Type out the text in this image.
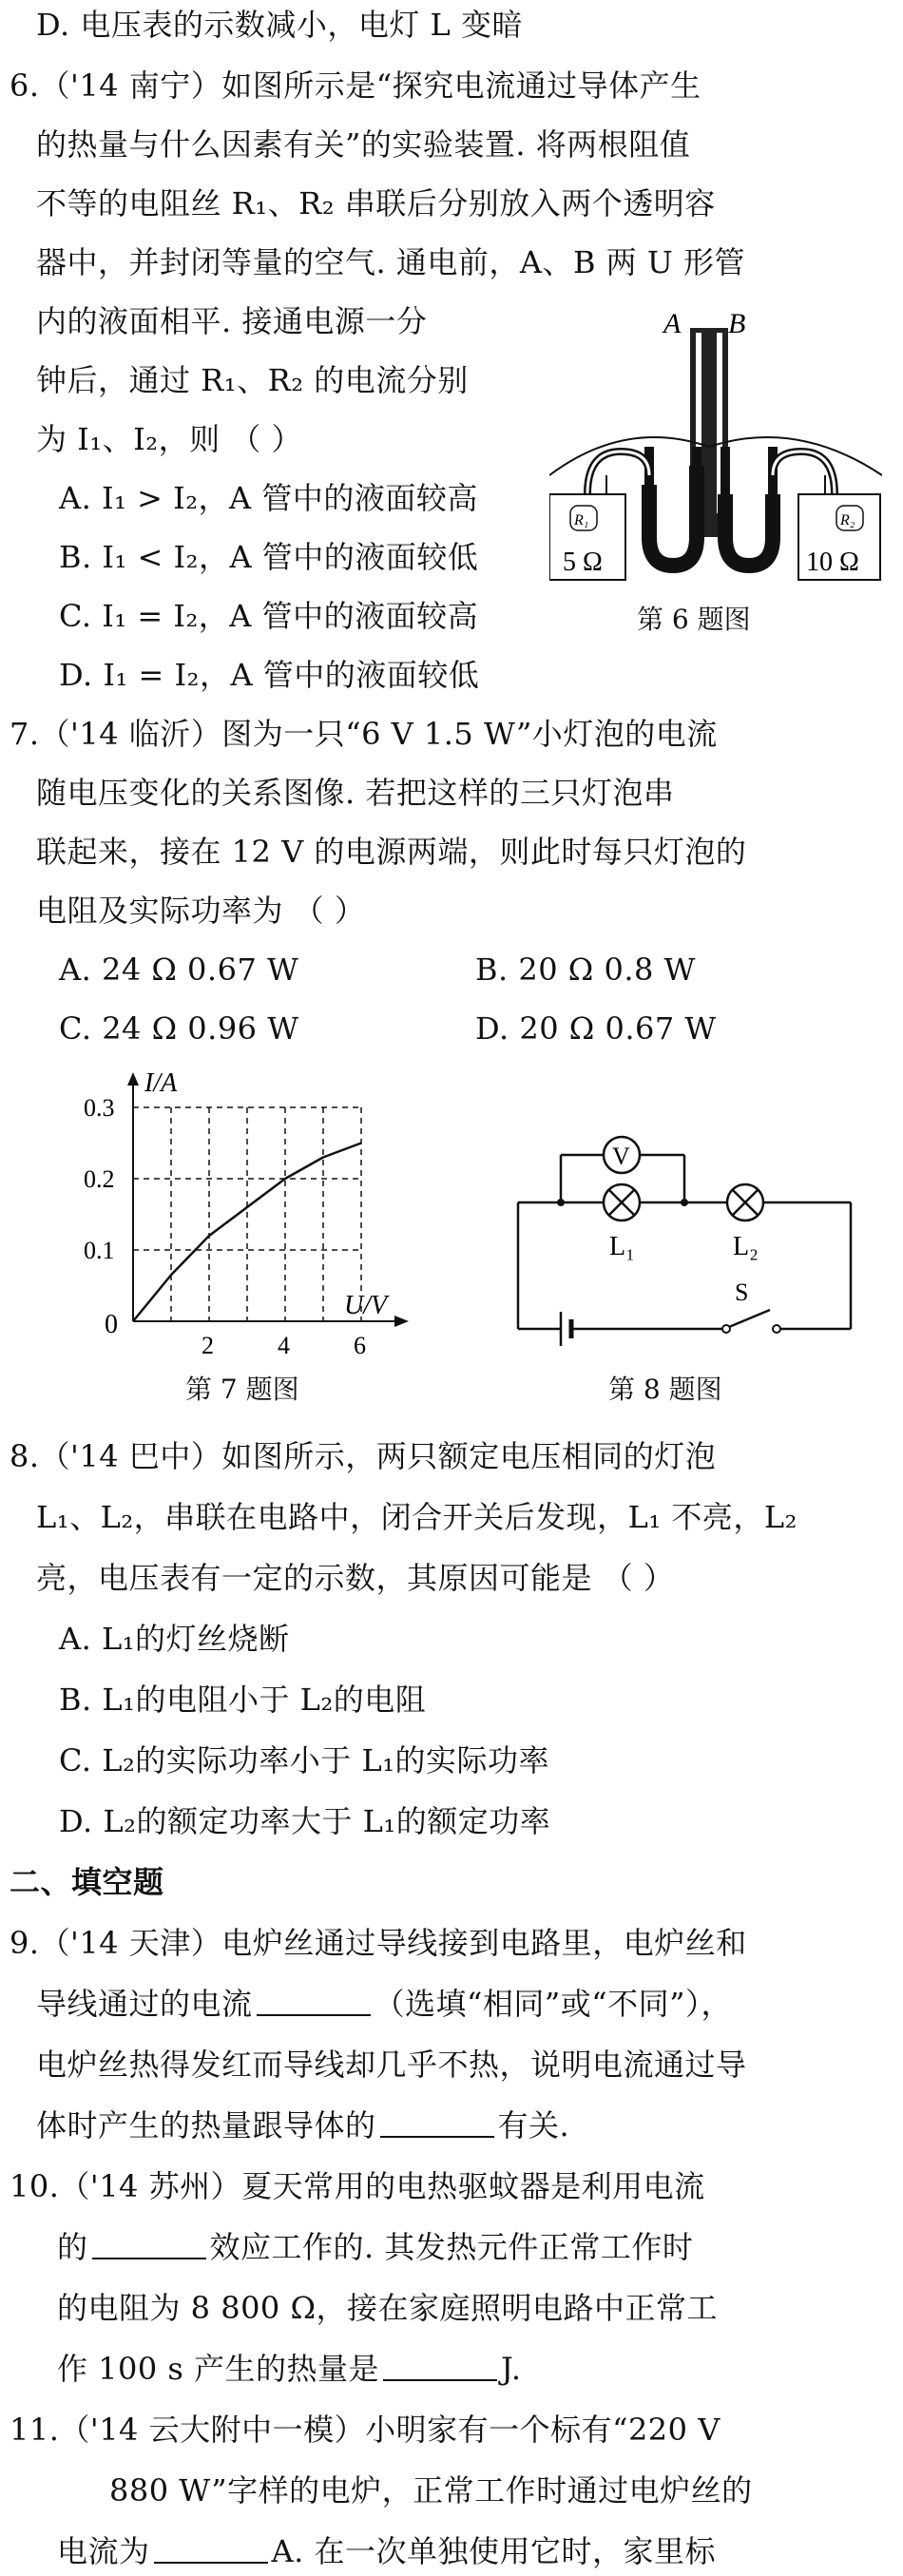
D. 电压表的示数减小，电灯 L 变暗
6.（'14 南宁）如图所示是“探究电流通过导体产生
的热量与什么因素有关”的实验装置. 将两根阻值
不等的电阻丝 R₁、R₂ 串联后分别放入两个透明容
器中，并封闭等量的空气. 通电前，A、B 两 U 形管
内的液面相平. 接通电源一分
钟后，通过 R₁、R₂ 的电流分别
为 I₁、I₂，则 （ ）
A. I₁ > I₂，A 管中的液面较高
B. I₁ < I₂，A 管中的液面较低
C. I₁ = I₂，A 管中的液面较高
D. I₁ = I₂，A 管中的液面较低
A B
R₁
5 Ω
R₂
10 Ω
第 6 题图
7.（'14 临沂）图为一只“6 V 1.5 W”小灯泡的电流
随电压变化的关系图像. 若把这样的三只灯泡串
联起来，接在 12 V 的电源两端，则此时每只灯泡的
电阻及实际功率为 （ ）
A. 24 Ω 0.67 W	B. 20 Ω 0.8 W
C. 24 Ω 0.96 W	D. 20 Ω 0.67 W
I/A
U/V
0
0.1
0.2
0.3
2	4	6
第 7 题图
V
L₁	L₂
S
第 8 题图
8.（'14 巴中）如图所示，两只额定电压相同的灯泡
L₁、L₂，串联在电路中，闭合开关后发现，L₁ 不亮，L₂
亮，电压表有一定的示数，其原因可能是 （ ）
A. L₁的灯丝烧断
B. L₁的电阻小于 L₂的电阻
C. L₂的实际功率小于 L₁的实际功率
D. L₂的额定功率大于 L₁的额定功率
二、填空题
9.（'14 天津）电炉丝通过导线接到电路里，电炉丝和
导线通过的电流	（选填“相同”或“不同”），
电炉丝热得发红而导线却几乎不热，说明电流通过导
体时产生的热量跟导体的	有关.
10.（'14 苏州）夏天常用的电热驱蚊器是利用电流
的	效应工作的. 其发热元件正常工作时
的电阻为 8 800 Ω，接在家庭照明电路中正常工
作 100 s 产生的热量是	J.
11.（'14 云大附中一模）小明家有一个标有“220 V
880 W”字样的电炉，正常工作时通过电炉丝的
电流为	A. 在一次单独使用它时，家里标
